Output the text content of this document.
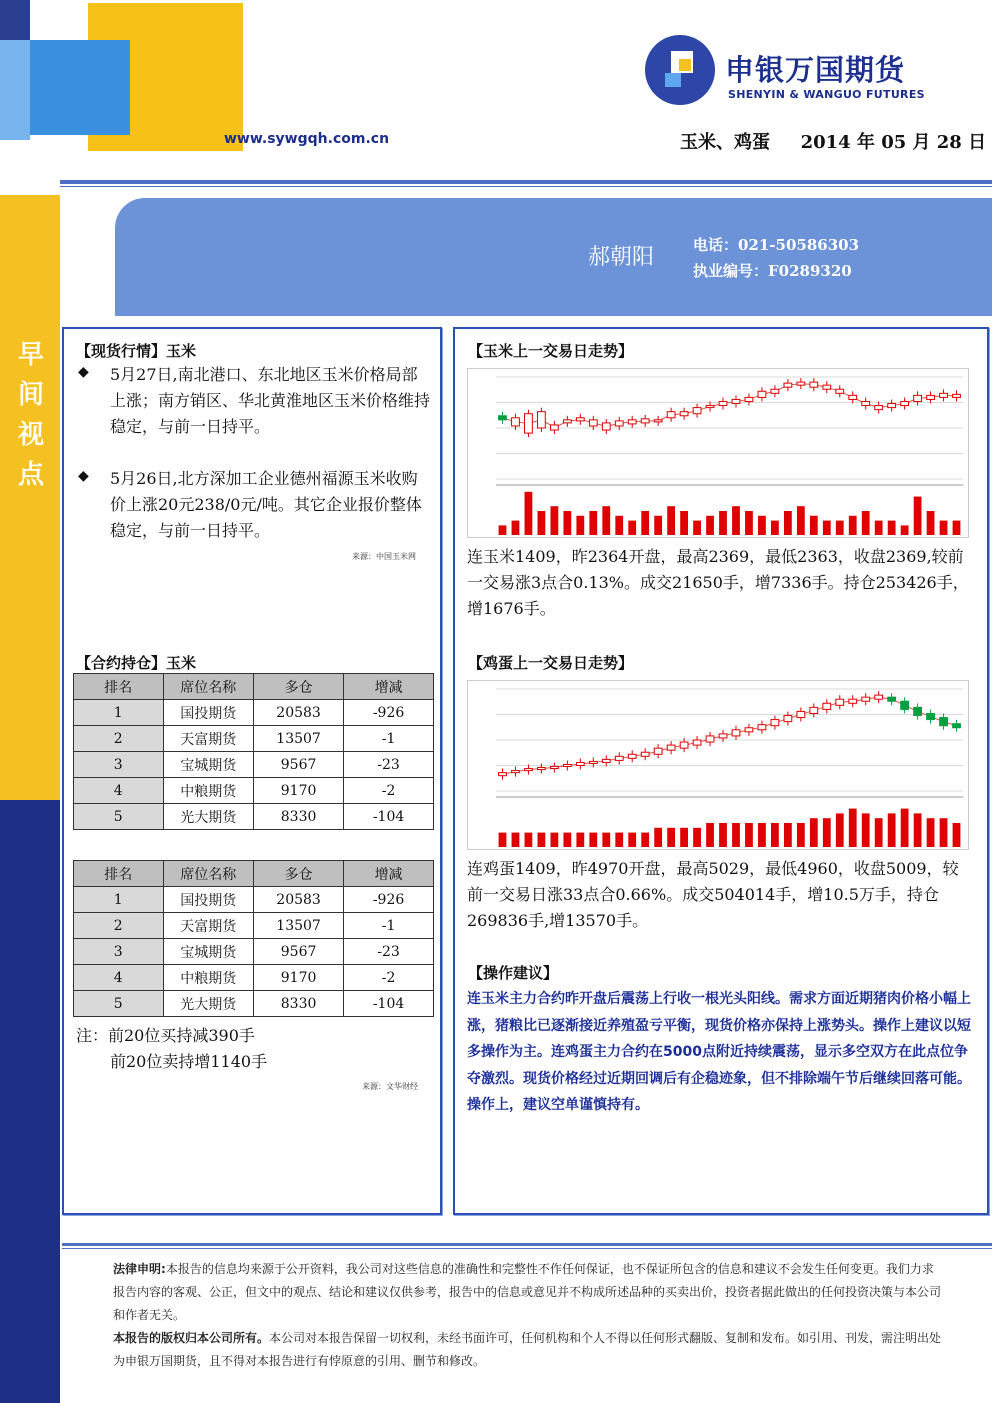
www.sywgqh.com.cn
申银万国期货
SHENYIN & WANGUO FUTURES
玉米、鸡蛋 2014 年 05 月 28 日
早间视点
郝朝阳	电话：021-50586303
执业编号：F0289320
【现货行情】玉米
◆ 5月27日,南北港口、东北地区玉米价格局部上涨；南方销区、华北黄淮地区玉米价格维持稳定，与前一日持平。
◆ 5月26日,北方深加工企业德州福源玉米收购价上涨20元238/0元/吨。其它企业报价整体稳定，与前一日持平。
来源：中国玉米网
【合约持仓】玉米
排名	席位名称	多仓	增减
1	国投期货	20583	-926
2	天富期货	13507	-1
3	宝城期货	9567	-23
4	中粮期货	9170	-2
5	光大期货	8330	-104
排名	席位名称	多仓	增减
1	国投期货	20583	-926
2	天富期货	13507	-1
3	宝城期货	9567	-23
4	中粮期货	9170	-2
5	光大期货	8330	-104
注：前20位买持减390手
前20位卖持增1140手
来源：文华财经
【玉米上一交易日走势】
连玉米1409，昨2364开盘，最高2369，最低2363，收盘2369,较前一交易涨3点合0.13%。成交21650手，增7336手。持仓253426手，增1676手。
【鸡蛋上一交易日走势】
连鸡蛋1409，昨4970开盘，最高5029，最低4960，收盘5009，较前一交易日涨33点合0.66%。成交504014手，增10.5万手，持仓269836手,增13570手。
【操作建议】
连玉米主力合约昨开盘后震荡上行收一根光头阳线。需求方面近期猪肉价格小幅上涨，猪粮比已逐渐接近养殖盈亏平衡，现货价格亦保持上涨势头。操作上建议以短多操作为主。连鸡蛋主力合约在5000点附近持续震荡，显示多空双方在此点位争夺激烈。现货价格经过近期回调后有企稳迹象，但不排除端午节后继续回落可能。操作上，建议空单谨慎持有。
法律申明:本报告的信息均来源于公开资料，我公司对这些信息的准确性和完整性不作任何保证，也不保证所包含的信息和建议不会发生任何变更。我们力求报告内容的客观、公正，但文中的观点、结论和建议仅供参考，报告中的信息或意见并不构成所述品种的买卖出价，投资者据此做出的任何投资决策与本公司和作者无关。
本报告的版权归本公司所有。本公司对本报告保留一切权利，未经书面许可，任何机构和个人不得以任何形式翻版、复制和发布。如引用、刊发，需注明出处为申银万国期货，且不得对本报告进行有悖原意的引用、删节和修改。
